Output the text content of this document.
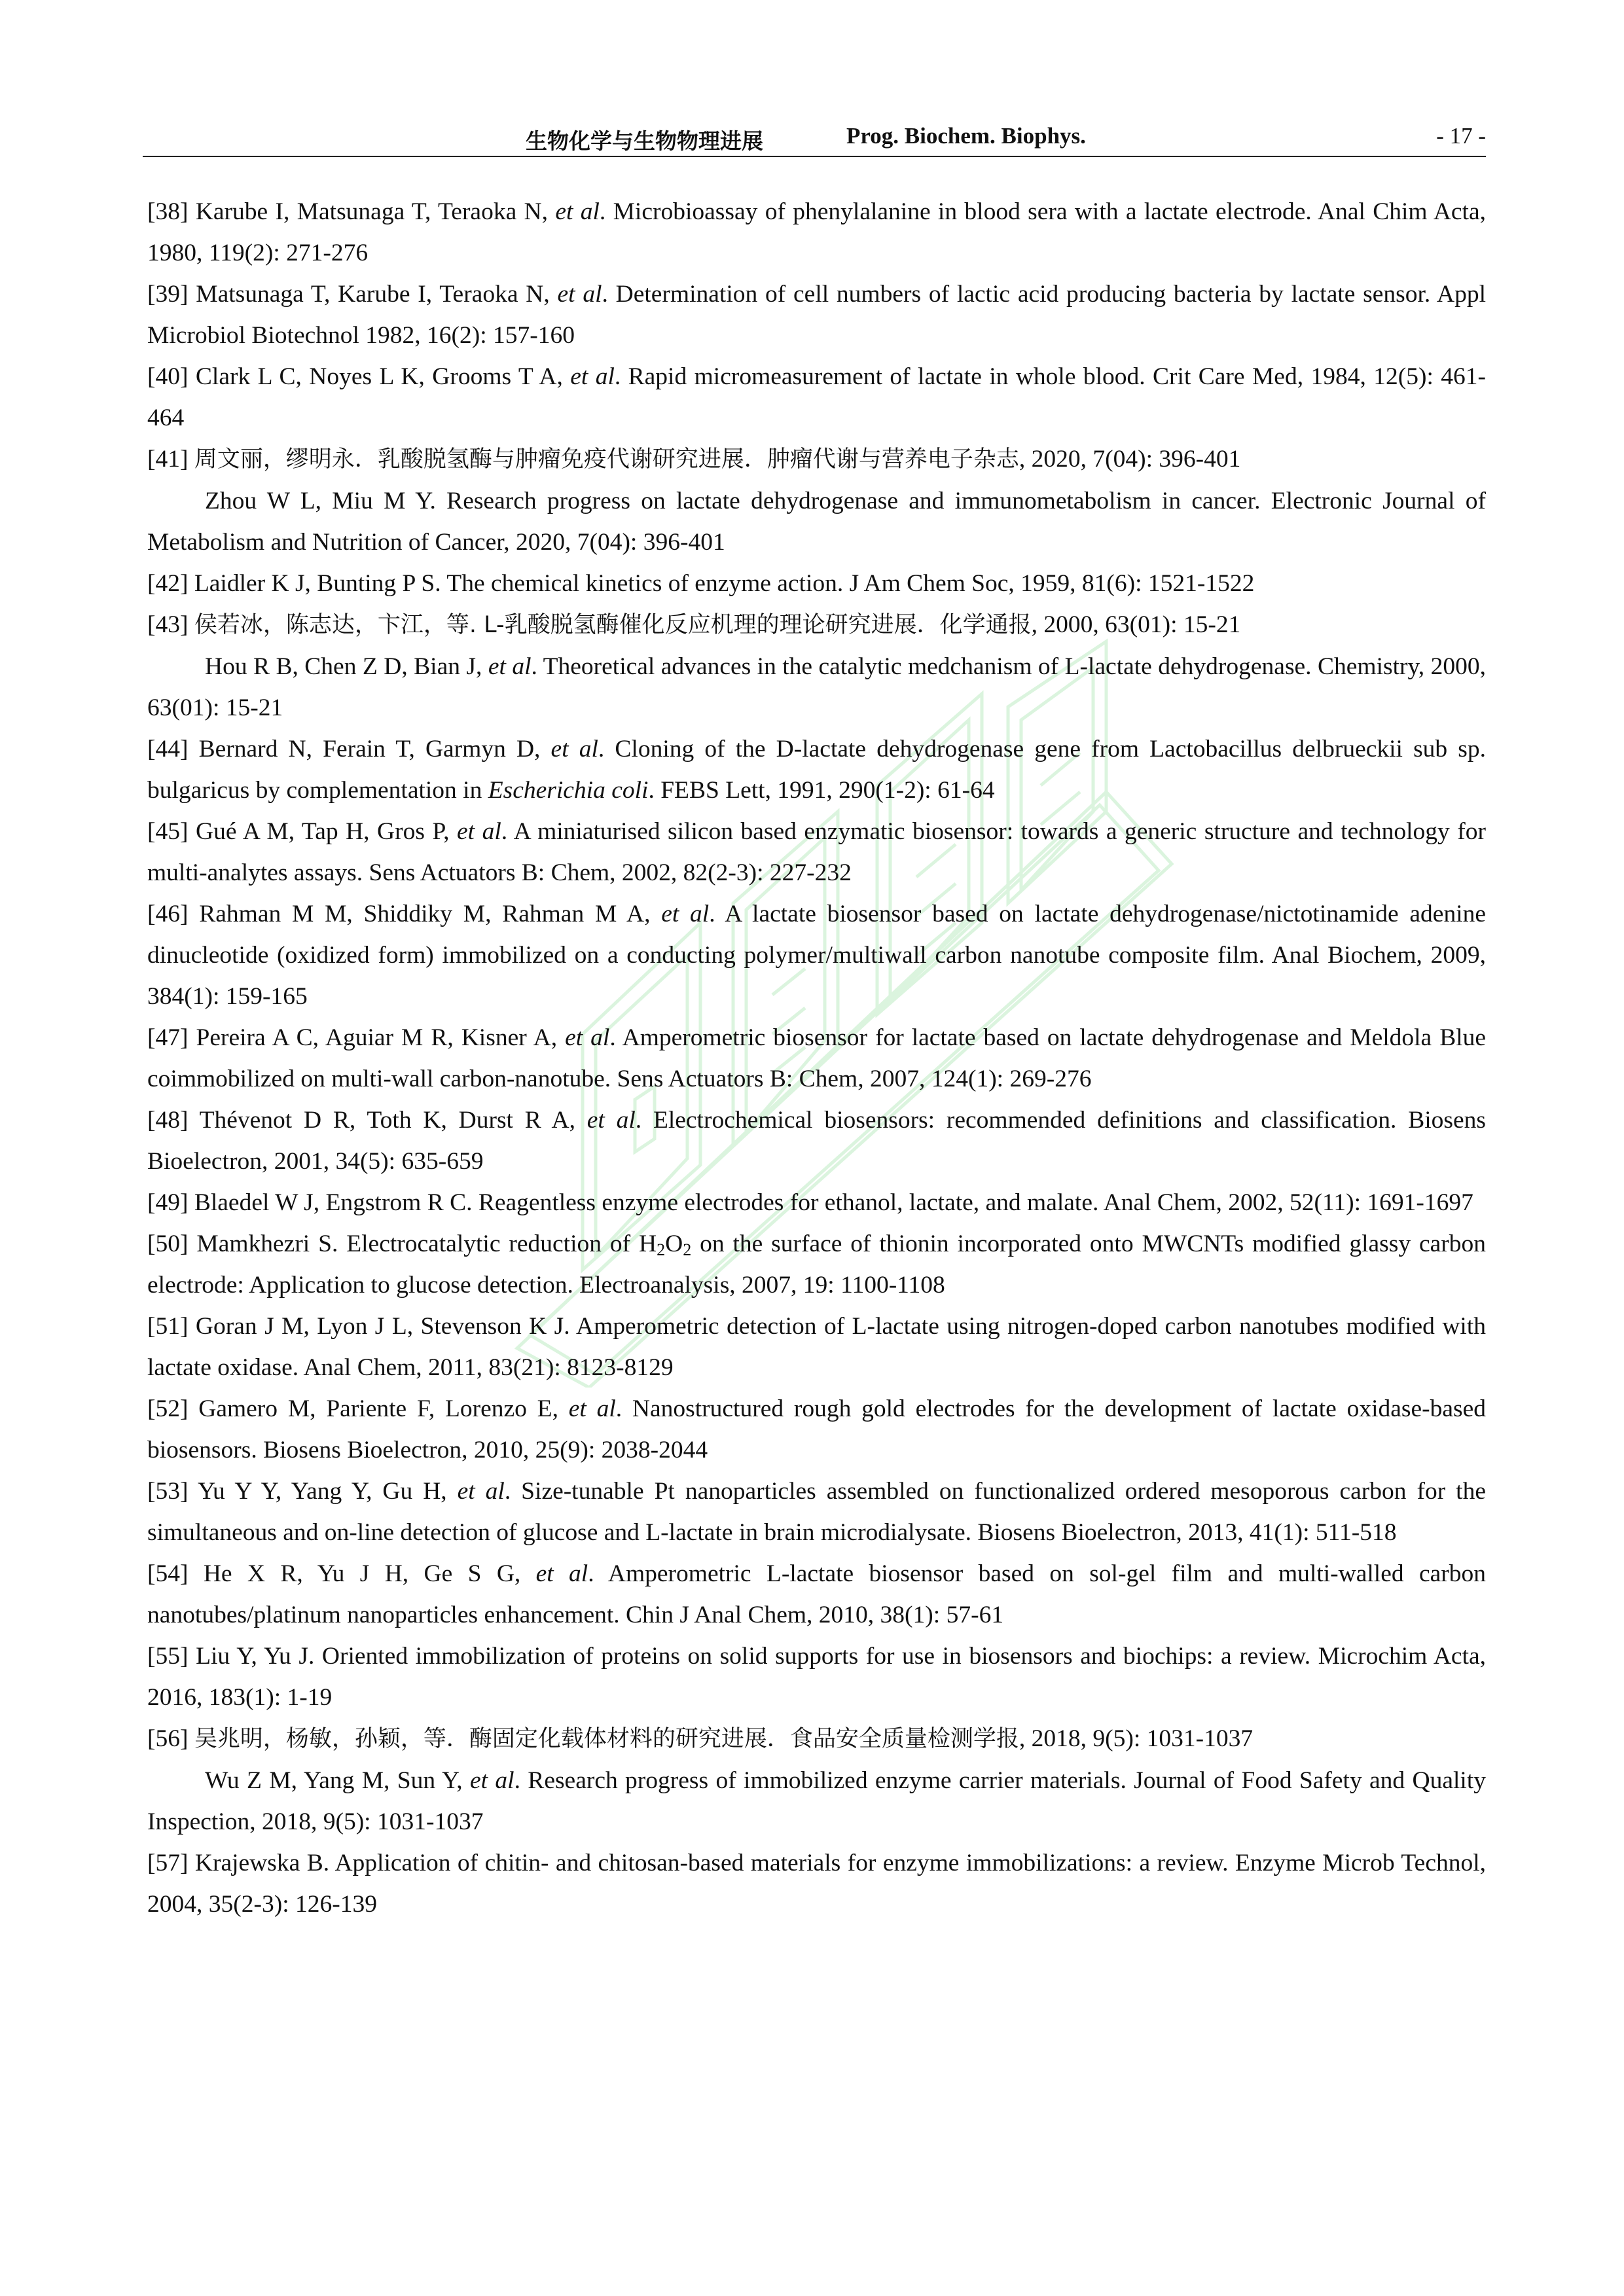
生物化学与生物物理进展	Prog. Biochem. Biophys.	- 17 -

[38] Karube I, Matsunaga T, Teraoka N, et al. Microbioassay of phenylalanine in blood sera with a lactate electrode. Anal Chim Acta, 1980, 119(2): 271-276

[39] Matsunaga T, Karube I, Teraoka N, et al. Determination of cell numbers of lactic acid producing bacteria by lactate sensor. Appl Microbiol Biotechnol 1982, 16(2): 157-160

[40] Clark L C, Noyes L K, Grooms T A, et al. Rapid micromeasurement of lactate in whole blood. Crit Care Med, 1984, 12(5): 461-464

[41] 周文丽，缪明永．乳酸脱氢酶与肿瘤免疫代谢研究进展．肿瘤代谢与营养电子杂志, 2020, 7(04): 396-401

Zhou W L, Miu M Y. Research progress on lactate dehydrogenase and immunometabolism in cancer. Electronic Journal of Metabolism and Nutrition of Cancer, 2020, 7(04): 396-401

[42] Laidler K J, Bunting P S. The chemical kinetics of enzyme action. J Am Chem Soc, 1959, 81(6): 1521-1522

[43] 侯若冰，陈志达，卞江，等. L-乳酸脱氢酶催化反应机理的理论研究进展．化学通报, 2000, 63(01): 15-21

Hou R B, Chen Z D, Bian J, et al. Theoretical advances in the catalytic medchanism of L-lactate dehydrogenase. Chemistry, 2000, 63(01): 15-21

[44] Bernard N, Ferain T, Garmyn D, et al. Cloning of the D-lactate dehydrogenase gene from Lactobacillus delbrueckii sub sp. bulgaricus by complementation in Escherichia coli. FEBS Lett, 1991, 290(1-2): 61-64

[45] Gué A M, Tap H, Gros P, et al. A miniaturised silicon based enzymatic biosensor: towards a generic structure and technology for multi-analytes assays. Sens Actuators B: Chem, 2002, 82(2-3): 227-232

[46] Rahman M M, Shiddiky M, Rahman M A, et al. A lactate biosensor based on lactate dehydrogenase/nictotinamide adenine dinucleotide (oxidized form) immobilized on a conducting polymer/multiwall carbon nanotube composite film. Anal Biochem, 2009, 384(1): 159-165

[47] Pereira A C, Aguiar M R, Kisner A, et al. Amperometric biosensor for lactate based on lactate dehydrogenase and Meldola Blue coimmobilized on multi-wall carbon-nanotube. Sens Actuators B: Chem, 2007, 124(1): 269-276

[48] Thévenot D R, Toth K, Durst R A, et al. Electrochemical biosensors: recommended definitions and classification. Biosens Bioelectron, 2001, 34(5): 635-659

[49] Blaedel W J, Engstrom R C. Reagentless enzyme electrodes for ethanol, lactate, and malate. Anal Chem, 2002, 52(11): 1691-1697

[50] Mamkhezri S. Electrocatalytic reduction of $H_2O_2$ on the surface of thionin incorporated onto MWCNTs modified glassy carbon electrode: Application to glucose detection. Electroanalysis, 2007, 19: 1100-1108

[51] Goran J M, Lyon J L, Stevenson K J. Amperometric detection of L-lactate using nitrogen-doped carbon nanotubes modified with lactate oxidase. Anal Chem, 2011, 83(21): 8123-8129

[52] Gamero M, Pariente F, Lorenzo E, et al. Nanostructured rough gold electrodes for the development of lactate oxidase-based biosensors. Biosens Bioelectron, 2010, 25(9): 2038-2044

[53] Yu Y Y, Yang Y, Gu H, et al. Size-tunable Pt nanoparticles assembled on functionalized ordered mesoporous carbon for the simultaneous and on-line detection of glucose and L-lactate in brain microdialysate. Biosens Bioelectron, 2013, 41(1): 511-518

[54] He X R, Yu J H, Ge S G, et al. Amperometric L-lactate biosensor based on sol-gel film and multi-walled carbon nanotubes/platinum nanoparticles enhancement. Chin J Anal Chem, 2010, 38(1): 57-61

[55] Liu Y, Yu J. Oriented immobilization of proteins on solid supports for use in biosensors and biochips: a review. Microchim Acta, 2016, 183(1): 1-19

[56] 吴兆明，杨敏，孙颖，等．酶固定化载体材料的研究进展．食品安全质量检测学报, 2018, 9(5): 1031-1037

Wu Z M, Yang M, Sun Y, et al. Research progress of immobilized enzyme carrier materials. Journal of Food Safety and Quality Inspection, 2018, 9(5): 1031-1037

[57] Krajewska B. Application of chitin- and chitosan-based materials for enzyme immobilizations: a review. Enzyme Microb Technol, 2004, 35(2-3): 126-139
